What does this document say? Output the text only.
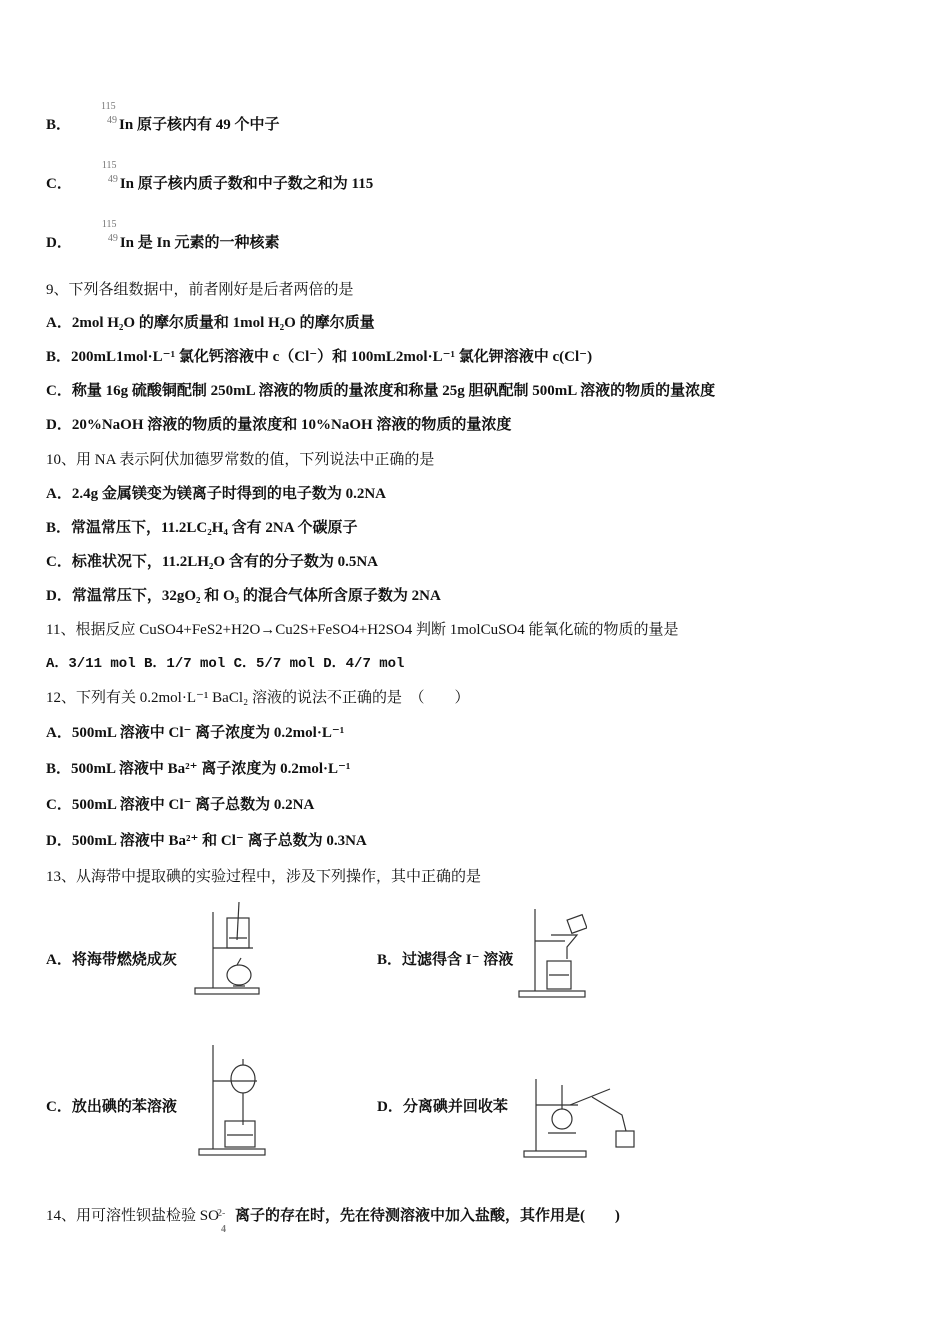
B．
115
49 In 原子核内有 49 个中子
C．
115
49 In 原子核内质子数和中子数之和为 115
D．
115
49 In 是 In 元素的一种核素
9、下列各组数据中，前者刚好是后者两倍的是
A．2mol H₂O 的摩尔质量和 1mol H₂O 的摩尔质量
B．200mL1mol·L⁻¹ 氯化钙溶液中 c（Cl⁻）和 100mL2mol·L⁻¹ 氯化钾溶液中 c(Cl⁻)
C．称量 16g 硫酸铜配制 250mL 溶液的物质的量浓度和称量 25g 胆矾配制 500mL 溶液的物质的量浓度
D．20%NaOH 溶液的物质的量浓度和 10%NaOH 溶液的物质的量浓度
10、用 NA 表示阿伏加德罗常数的值，下列说法中正确的是
A．2.4g 金属镁变为镁离子时得到的电子数为 0.2NA
B．常温常压下，11.2LC₂H₄ 含有 2NA 个碳原子
C．标准状况下，11.2LH₂O 含有的分子数为 0.5NA
D．常温常压下，32gO₂ 和 O₃ 的混合气体所含原子数为 2NA
11、根据反应 CuSO4+FeS2+H2O→Cu2S+FeSO4+H2SO4 判断 1molCuSO4 能氧化硫的物质的量是
A．3/11 mol B．1/7 mol C．5/7 mol D．4/7 mol
12、下列有关 0.2mol·L⁻¹ BaCl₂ 溶液的说法不正确的是　（　　）
A．500mL 溶液中 Cl⁻ 离子浓度为 0.2mol·L⁻¹
B．500mL 溶液中 Ba²⁺ 离子浓度为 0.2mol·L⁻¹
C．500mL 溶液中 Cl⁻ 离子总数为 0.2NA
D．500mL 溶液中 Ba²⁺ 和 Cl⁻ 离子总数为 0.3NA
13、从海带中提取碘的实验过程中，涉及下列操作，其中正确的是
A．将海带燃烧成灰	B．过滤得含 I⁻ 溶液
C．放出碘的苯溶液	D．分离碘并回收苯
14、用可溶性钡盐检验 SO
2-
4
离子的存在时，先在待测溶液中加入盐酸，其作用是(　　)
